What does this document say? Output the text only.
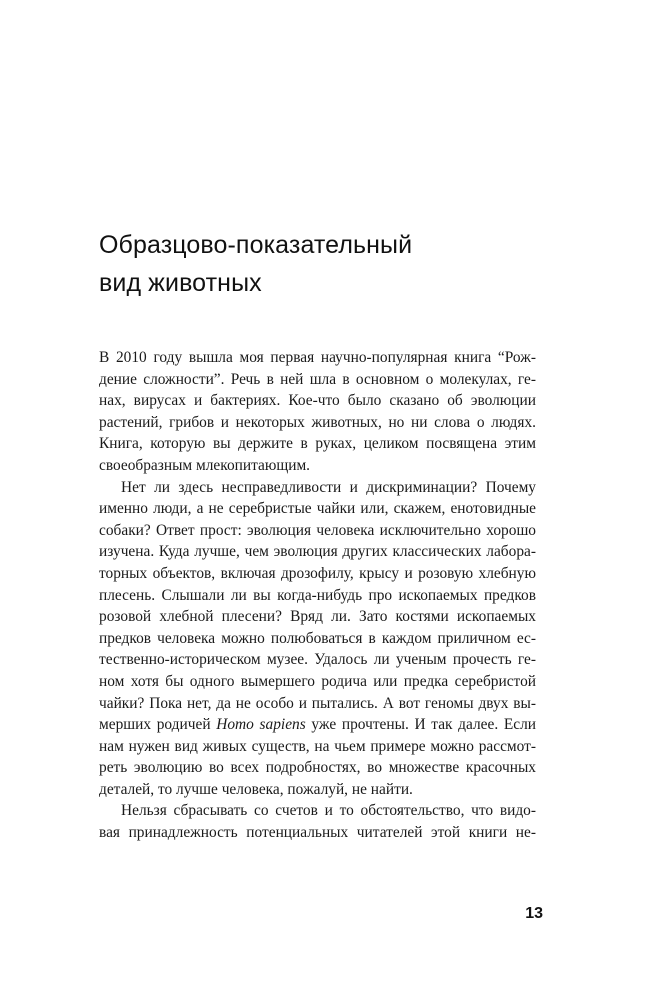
Образцово-показательный
вид животных
В 2010 году вышла моя первая научно-популярная книга “Рож-
дение сложности”. Речь в ней шла в основном о молекулах, ге-
нах, вирусах и бактериях. Кое-что было сказано об эволюции
растений, грибов и некоторых животных, но ни слова о людях.
Книга, которую вы держите в руках, целиком посвящена этим
своеобразным млекопитающим.
Нет ли здесь несправедливости и дискриминации? Почему
именно люди, а не серебристые чайки или, скажем, енотовидные
собаки? Ответ прост: эволюция человека исключительно хорошо
изучена. Куда лучше, чем эволюция других классических лабора-
торных объектов, включая дрозофилу, крысу и розовую хлебную
плесень. Слышали ли вы когда-нибудь про ископаемых предков
розовой хлебной плесени? Вряд ли. Зато костями ископаемых
предков человека можно полюбоваться в каждом приличном ес-
тественно-историческом музее. Удалось ли ученым прочесть ге-
ном хотя бы одного вымершего родича или предка серебристой
чайки? Пока нет, да не особо и пытались. А вот геномы двух вы-
мерших родичей Homo sapiens уже прочтены. И так далее. Если
нам нужен вид живых существ, на чьем примере можно рассмот-
реть эволюцию во всех подробностях, во множестве красочных
деталей, то лучше человека, пожалуй, не найти.
Нельзя сбрасывать со счетов и то обстоятельство, что видо-
вая принадлежность потенциальных читателей этой книги не-
13
